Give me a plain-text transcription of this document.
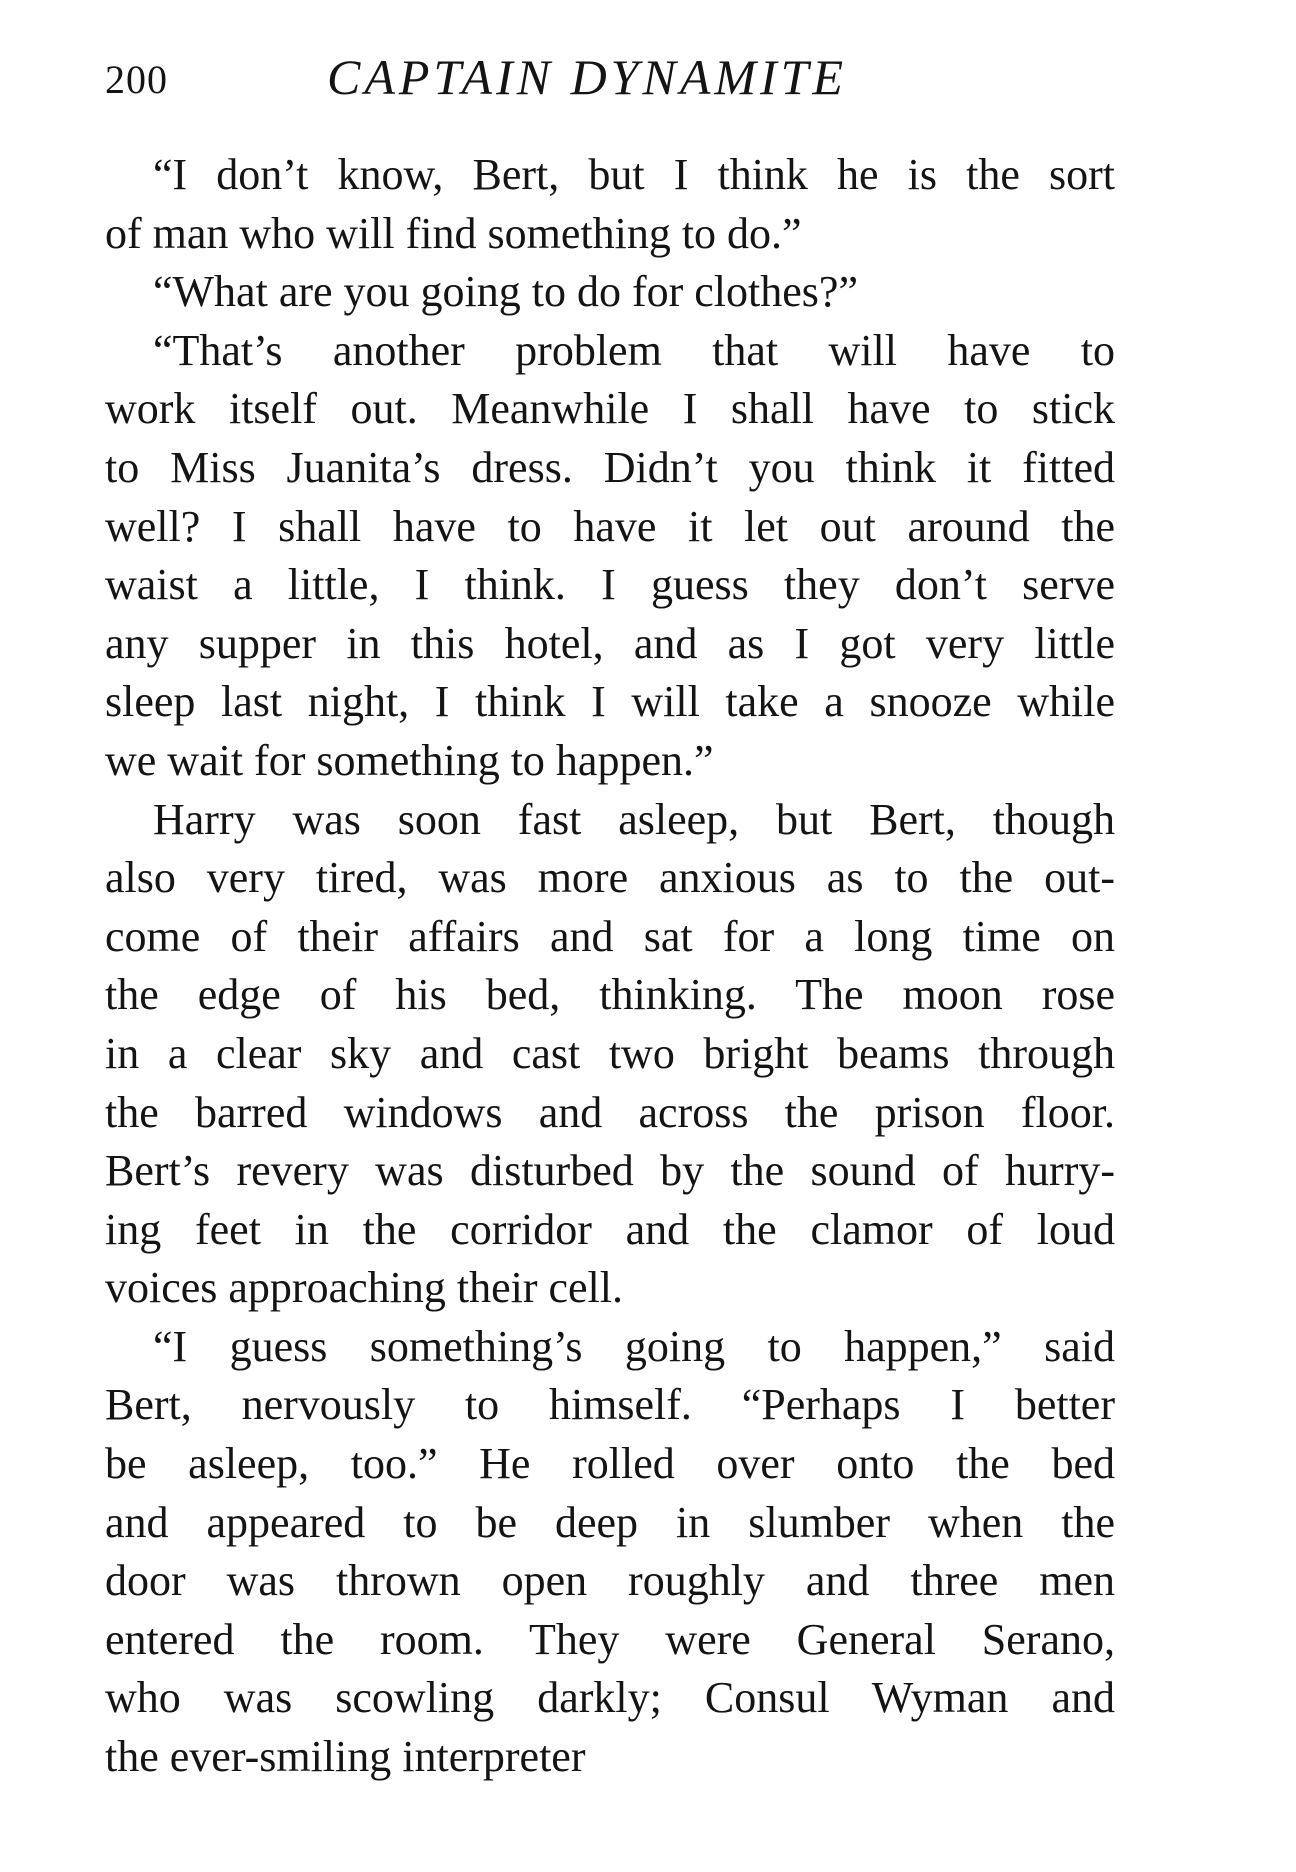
200	CAPTAIN DYNAMITE
“I don’t know, Bert, but I think he is the sort
of man who will find something to do.”
“What are you going to do for clothes?”
“That’s another problem that will have to
work itself out. Meanwhile I shall have to stick
to Miss Juanita’s dress. Didn’t you think it fitted
well? I shall have to have it let out around the
waist a little, I think. I guess they don’t serve
any supper in this hotel, and as I got very little
sleep last night, I think I will take a snooze while
we wait for something to happen.”
Harry was soon fast asleep, but Bert, though
also very tired, was more anxious as to the out-
come of their affairs and sat for a long time on
the edge of his bed, thinking. The moon rose
in a clear sky and cast two bright beams through
the barred windows and across the prison floor.
Bert’s revery was disturbed by the sound of hurry-
ing feet in the corridor and the clamor of loud
voices approaching their cell.
“I guess something’s going to happen,” said
Bert, nervously to himself. “Perhaps I better
be asleep, too.” He rolled over onto the bed
and appeared to be deep in slumber when the
door was thrown open roughly and three men
entered the room. They were General Serano,
who was scowling darkly; Consul Wyman and
the ever-smiling interpreter
